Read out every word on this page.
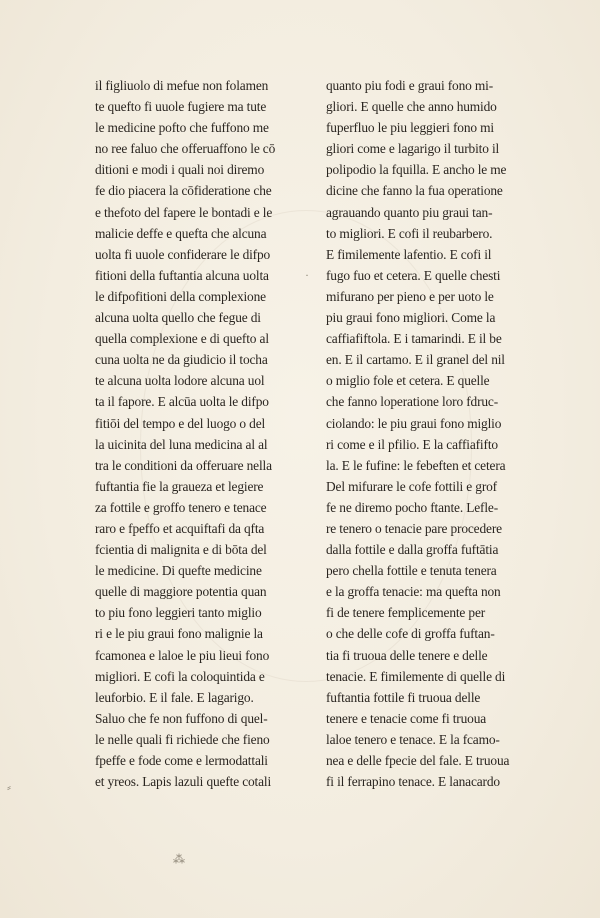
il figliuolo di mefue non folamen
te quefto fi uuole fugiere ma tute
le medicine pofto che fuffono me
no ree faluo che offeruaffono le cō
ditioni e modi i quali noi diremo
fe dio piacera la cōfideratione che
e thefoto del fapere le bontadi e le
malicie deffe e quefta che alcuna
uolta fi uuole confiderare le difpo
fitioni della fuftantia alcuna uolta
le difpofitioni della complexione
alcuna uolta quello che fegue di
quella complexione e di quefto al
cuna uolta ne da giudicio il tocha
te alcuna uolta lodore alcuna uol
ta il fapore. E alcūa uolta le difpo
fitiōi del tempo e del luogo o del
la uicinita del luna medicina al al
tra le conditioni da offeruare nella
fuftantia fie la graueza et legiere
za fottile e groffo tenero e tenace
raro e fpeffo et acquiftafi da qfta
fcientia di malignita e di bōta del
le medicine. Di quefte medicine
quelle di maggiore potentia quan
to piu fono leggieri tanto miglio
ri e le piu graui fono malignie la
fcamonea e laloe le piu lieui fono
migliori. E cofi la coloquintida e
leuforbio. E il fale. E lagarigo.
Saluo che fe non fuffono di quel-
le nelle quali fi richiede che fieno
fpeffe e fode come e lermodattali
et yreos. Lapis lazuli quefte cotali
quanto piu fodi e graui fono mi-
gliori. E quelle che anno humido
fuperfluo le piu leggieri fono mi
gliori come e lagarigo il turbito il
polipodio la fquilla. E ancho le me
dicine che fanno la fua operatione
agrauando quanto piu graui tan-
to migliori. E cofi il reubarbero.
E fimilemente lafentio. E cofi il
fugo fuo et cetera. E quelle chesti
mifurano per pieno e per uoto le
piu graui fono migliori. Come la
caffiafiftola. E i tamarindi. E il be
en. E il cartamo. E il granel del nil
o miglio fole et cetera. E quelle
che fanno loperatione loro fdruc-
ciolando: le piu graui fono miglio
ri come e il pfilio. E la caffiafifto
la. E le fufine: le febeften et cetera
Del mifurare le cofe fottili e grof
fe ne diremo pocho ftante. Lefle-
re tenero o tenacie pare procedere
dalla fottile e dalla groffa fuftātia
pero chella fottile e tenuta tenera
e la groffa tenacie: ma quefta non
fi de tenere femplicemente per
o che delle cofe di groffa fuftan-
tia fi truoua delle tenere e delle
tenacie. E fimilemente di quelle di
fuftantia fottile fi truoua delle
tenere e tenacie come fi truoua
laloe tenero e tenace. E la fcamo-
nea e delle fpecie del fale. E truoua
fi il ferrapino tenace. E lanacardo
⸗
⁂
·
